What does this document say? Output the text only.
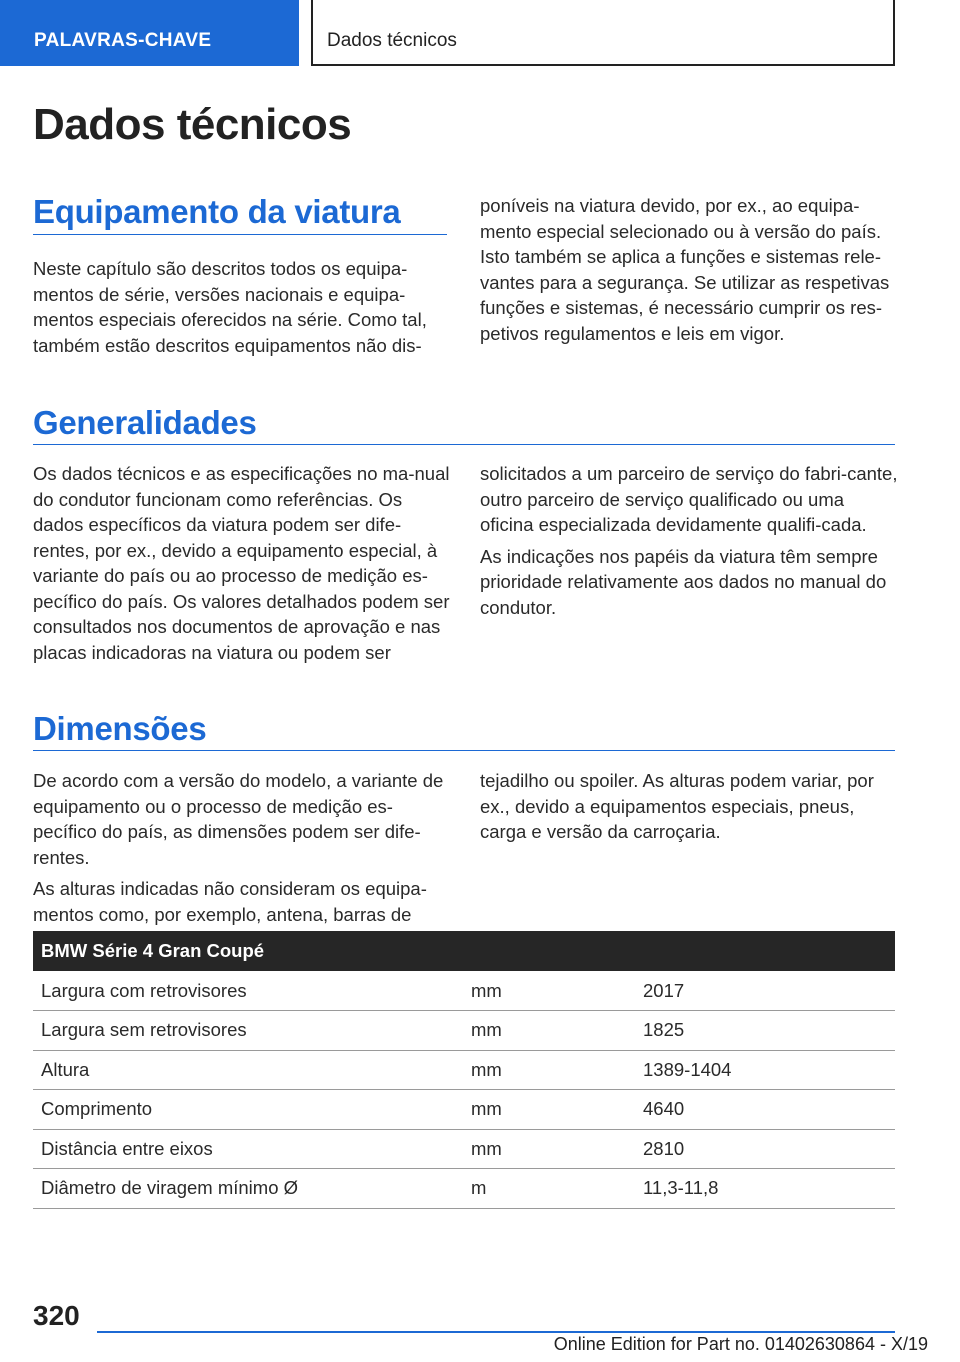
PALAVRAS-CHAVE	Dados técnicos
Dados técnicos
Equipamento da viatura

Neste capítulo são descritos todos os equipa-mentos de série, versões nacionais e equipa-mentos especiais oferecidos na série. Como tal, também estão descritos equipamentos não dis-

poníveis na viatura devido, por ex., ao equipa-mento especial selecionado ou à versão do país. Isto também se aplica a funções e sistemas rele-vantes para a segurança. Se utilizar as respetivas funções e sistemas, é necessário cumprir os res-petivos regulamentos e leis em vigor.

Generalidades

Os dados técnicos e as especificações no ma-nual do condutor funcionam como referências. Os dados específicos da viatura podem ser dife-rentes, por ex., devido a equipamento especial, à variante do país ou ao processo de medição es-pecífico do país. Os valores detalhados podem ser consultados nos documentos de aprovação e nas placas indicadoras na viatura ou podem ser

solicitados a um parceiro de serviço do fabri-cante, outro parceiro de serviço qualificado ou uma oficina especializada devidamente qualifi-cada.

As indicações nos papéis da viatura têm sempre prioridade relativamente aos dados no manual do condutor.

Dimensões

De acordo com a versão do modelo, a variante de equipamento ou o processo de medição es-pecífico do país, as dimensões podem ser dife-rentes.

As alturas indicadas não consideram os equipa-mentos como, por exemplo, antena, barras de

tejadilho ou spoiler. As alturas podem variar, por ex., devido a equipamentos especiais, pneus, carga e versão da carroçaria.

BMW Série 4 Gran Coupé		
Largura com retrovisores	mm	2017
Largura sem retrovisores	mm	1825
Altura	mm	1389-1404
Comprimento	mm	4640
Distância entre eixos	mm	2810
Diâmetro de viragem mínimo Ø	m	11,3-11,8
320
Online Edition for Part no. 01402630864 - X/19
